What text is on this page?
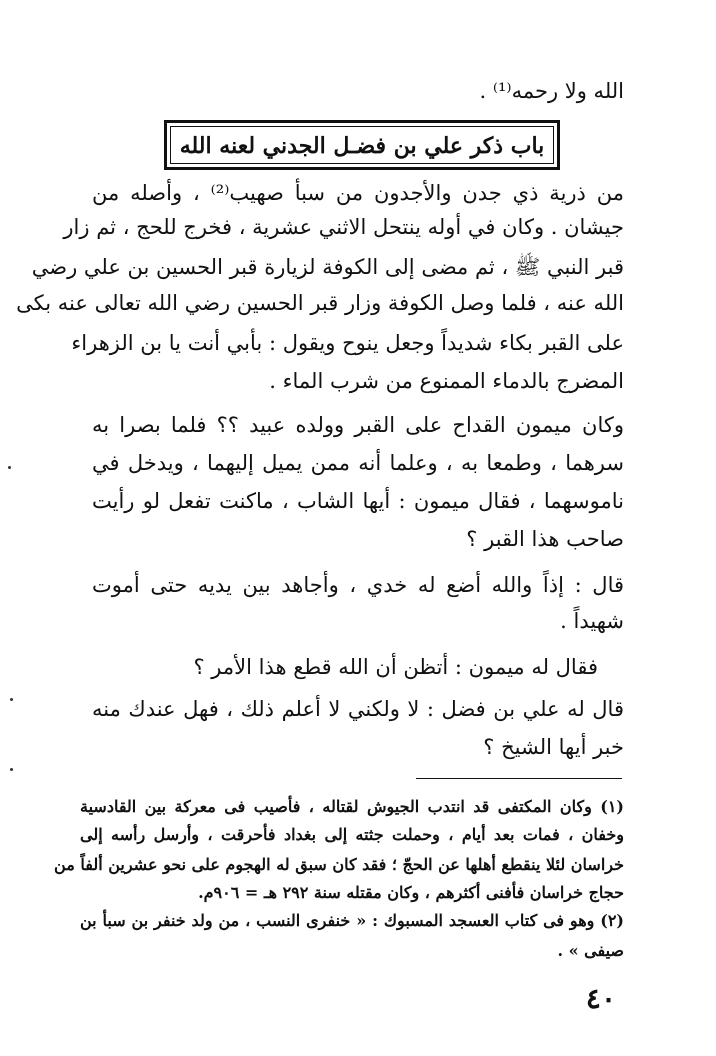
الله ولا رحمه⁽¹⁾ .
باب ذكر علي بن فضـل الجدني لعنه الله
من ذرية ذي جدن والأجدون من سبأ صهيب⁽²⁾ ، وأصله من
جيشان . وكان في أوله ينتحل الاثني عشرية ، فخرج للحج ، ثم زار
قبر النبي ﷺ ، ثم مضى إلى الكوفة لزيارة قبر الحسين بن علي رضي
الله عنه ، فلما وصل الكوفة وزار قبر الحسين رضي الله تعالى عنه بكى
على القبر بكاء شديداً وجعل ينوح ويقول : بأبي أنت يا بن الزهراء
المضرج بالدماء الممنوع من شرب الماء .
وكان ميمون القداح على القبر وولده عبيد ؟؟ فلما بصرا به
سرهما ، وطمعا به ، وعلما أنه ممن يميل إليهما ، ويدخل في
ناموسهما ، فقال ميمون : أيها الشاب ، ماكنت تفعل لو رأيت
صاحب هذا القبر ؟
قال : إذاً والله أضع له خدي ، وأجاهد بين يديه حتى أموت
شهيداً .
فقال له ميمون : أتظن أن الله قطع هذا الأمر ؟
قال له علي بن فضل : لا ولكني لا أعلم ذلك ، فهل عندك منه
خبر أيها الشيخ ؟
(١) وكان المكتفى قد انتدب الجيوش لقتاله ، فأصيب فى معركة بين القادسية
وخفان ، فمات بعد أيام ، وحملت جثته إلى بغداد فأحرقت ، وأرسل رأسه إلى
خراسان لئلا ينقطع أهلها عن الحجّ ؛ فقد كان سبق له الهجوم على نحو عشرين ألفاً من
حجاج خراسان فأفنى أكثرهم ، وكان مقتله سنة ٢٩٢ هـ = ٩٠٦م.
(٢) وهو فى كتاب العسجد المسبوك : « خنفرى النسب ، من ولد خنفر بن سبأ بن
صيفى » .
٤٠
